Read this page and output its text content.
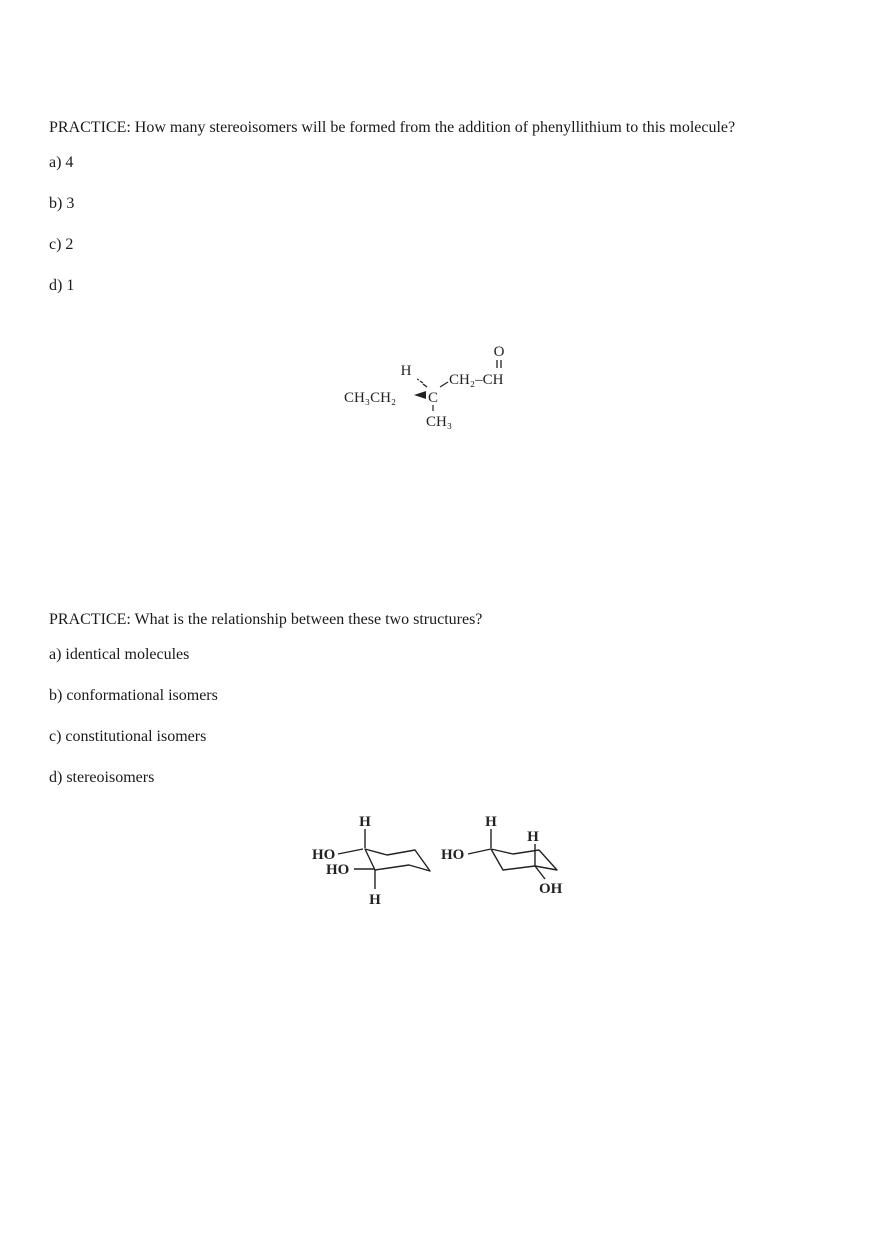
PRACTICE: How many stereoisomers will be formed from the addition of phenyllithium to this molecule?

a) 4

b) 3

c) 2

d) 1

O
H
CH₂–CH
CH₃CH₂ C
CH₃

PRACTICE: What is the relationship between these two structures?

a) identical molecules

b) conformational isomers

c) constitutional isomers

d) stereoisomers

H
HO
HO
H
H
HO
H
OH
